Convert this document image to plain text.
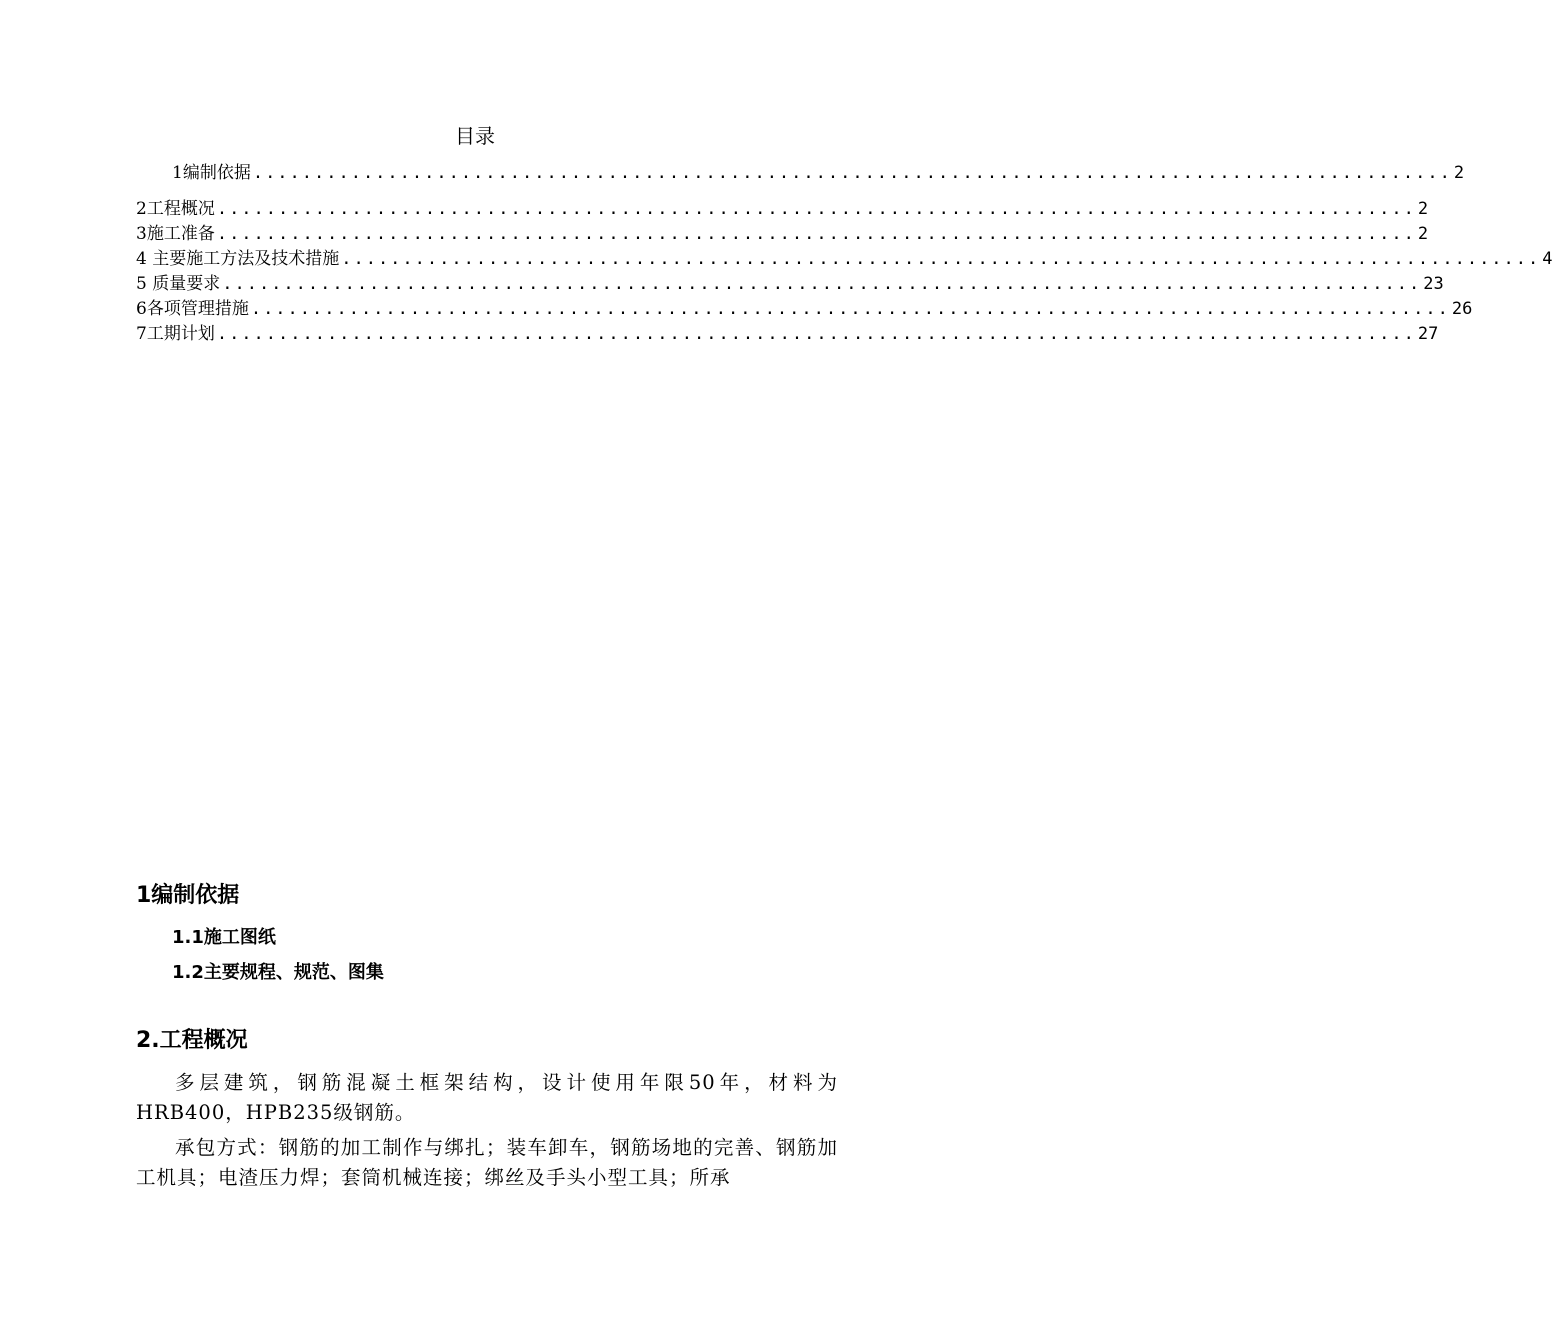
目录
1编制依据 .................................................................................................. 2
2工程概况 .................................................................................................. 2
3施工准备 .................................................................................................. 2
4 主要施工方法及技术措施 .................................................................................................. 4
5 质量要求 .................................................................................................. 23
6各项管理措施 .................................................................................................. 26
7工期计划 .................................................................................................. 27
1编制依据
1.1施工图纸
1.2主要规程、规范、图集
2.工程概况
多层建筑，钢筋混凝土框架结构，设计使用年限50年，材料为HRB400，HPB235级钢筋。
承包方式：钢筋的加工制作与绑扎；装车卸车，钢筋场地的完善、钢筋加工机具；电渣压力焊；套筒机械连接；绑丝及手头小型工具；所承
